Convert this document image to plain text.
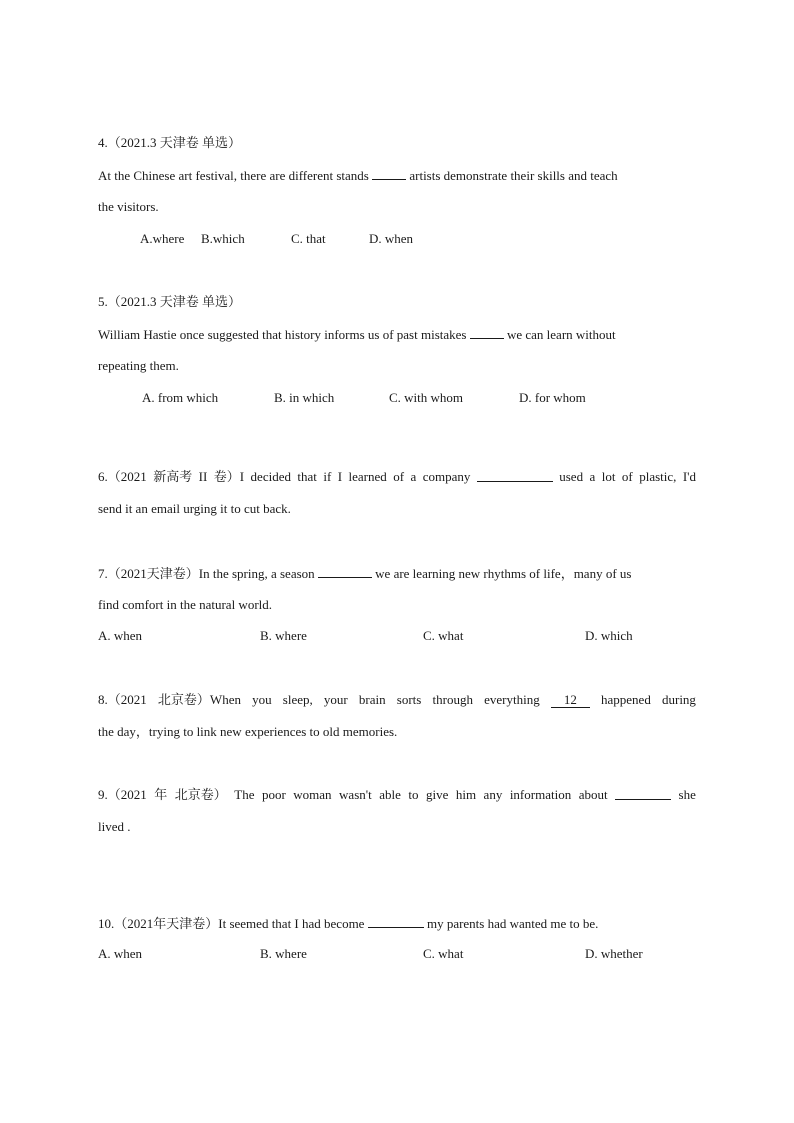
4.（2021.3 天津卷 单选）
At the Chinese art festival, there are different stands	artists demonstrate their skills and teach
the visitors.
A.where B.which	C. that	D. when
5.（2021.3 天津卷 单选）
William Hastie once suggested that history informs us of past mistakes	we can learn without
repeating them.
A. from which	B. in which	C. with whom	D. for whom
6.（2021 新高考 II 卷）I decided that if I learned of a company	used a lot of plastic, I'd
send it an email urging it to cut back.
7.（2021天津卷）In the spring, a season	we are learning new rhythms of life，many of us
find comfort in the natural world.
A. when	B. where	C. what	D. which
8.（2021 北京卷）When you sleep, your brain sorts through everything	12	happened during
the day，trying to link new experiences to old memories.
9.（2021 年 北京卷） The poor woman wasn't able to give him any information about	she
lived .
10.（2021年天津卷）It seemed that I had become	my parents had wanted me to be.
A. when	B. where	C. what	D. whether
